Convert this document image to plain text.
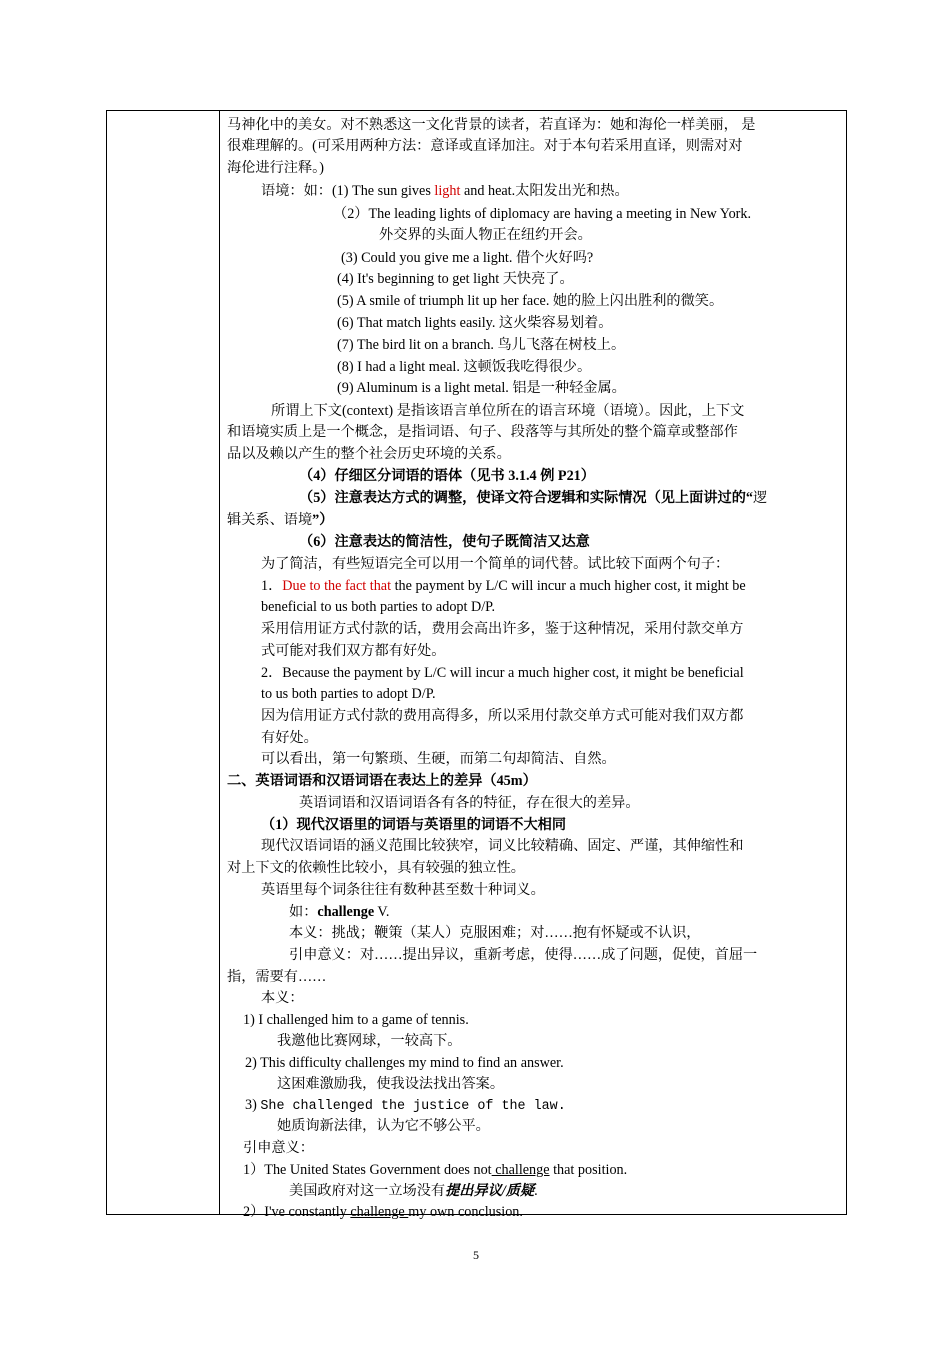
马神化中的美女。对不熟悉这一文化背景的读者，若直译为：她和海伦一样美丽， 是
很难理解的。(可采用两种方法：意译或直译加注。对于本句若采用直译，则需对对
海伦进行注释。)
语境：如：(1) The sun gives light and heat.太阳发出光和热。
（2）The leading lights of diplomacy are having a meeting in New York.
外交界的头面人物正在纽约开会。
(3) Could you give me a light. 借个火好吗?
(4) It's beginning to get light 天快亮了。
(5) A smile of triumph lit up her face. 她的脸上闪出胜利的微笑。
(6) That match lights easily. 这火柴容易划着。
(7) The bird lit on a branch. 鸟儿飞落在树枝上。
(8) I had a light meal. 这顿饭我吃得很少。
(9) Aluminum is a light metal. 铝是一种轻金属。
所谓上下文(context) 是指该语言单位所在的语言环境（语境）。因此，上下文
和语境实质上是一个概念，是指词语、句子、段落等与其所处的整个篇章或整部作
品以及赖以产生的整个社会历史环境的关系。
（4）仔细区分词语的语体（见书 3.1.4 例 P21）
（5）注意表达方式的调整，使译文符合逻辑和实际情况（见上面讲过的“逻
辑关系、语境”）
（6）注意表达的简洁性，使句子既简洁又达意
为了简洁，有些短语完全可以用一个简单的词代替。试比较下面两个句子：
1．Due to the fact that the payment by L/C will incur a much higher cost, it might be
beneficial to us both parties to adopt D/P.
采用信用证方式付款的话，费用会高出许多，鉴于这种情况，采用付款交单方
式可能对我们双方都有好处。
2．Because the payment by L/C will incur a much higher cost, it might be beneficial
to us both parties to adopt D/P.
因为信用证方式付款的费用高得多，所以采用付款交单方式可能对我们双方都
有好处。
可以看出，第一句繁琐、生硬，而第二句却简洁、自然。
二、英语词语和汉语词语在表达上的差异（45m）
英语词语和汉语词语各有各的特征，存在很大的差异。
（1）现代汉语里的词语与英语里的词语不大相同
现代汉语词语的涵义范围比较狭窄，词义比较精确、固定、严谨，其伸缩性和
对上下文的依赖性比较小，具有较强的独立性。
英语里每个词条往往有数种甚至数十种词义。
如：challenge V.
本义：挑战；鞭策（某人）克服困难；对……抱有怀疑或不认识，
引申意义：对……提出异议，重新考虑，使得……成了问题，促使，首屈一
指，需要有……
本义：
1) I challenged him to a game of tennis.
我邀他比赛网球，一较高下。
2) This difficulty challenges my mind to find an answer.
这困难激励我，使我设法找出答案。
3) She challenged the justice of the law.
她质询新法律，认为它不够公平。
引申意义：
1）The United States Government does not challenge that position.
美国政府对这一立场没有提出异议/质疑.
2）I've constantly challenge my own conclusion.
5
